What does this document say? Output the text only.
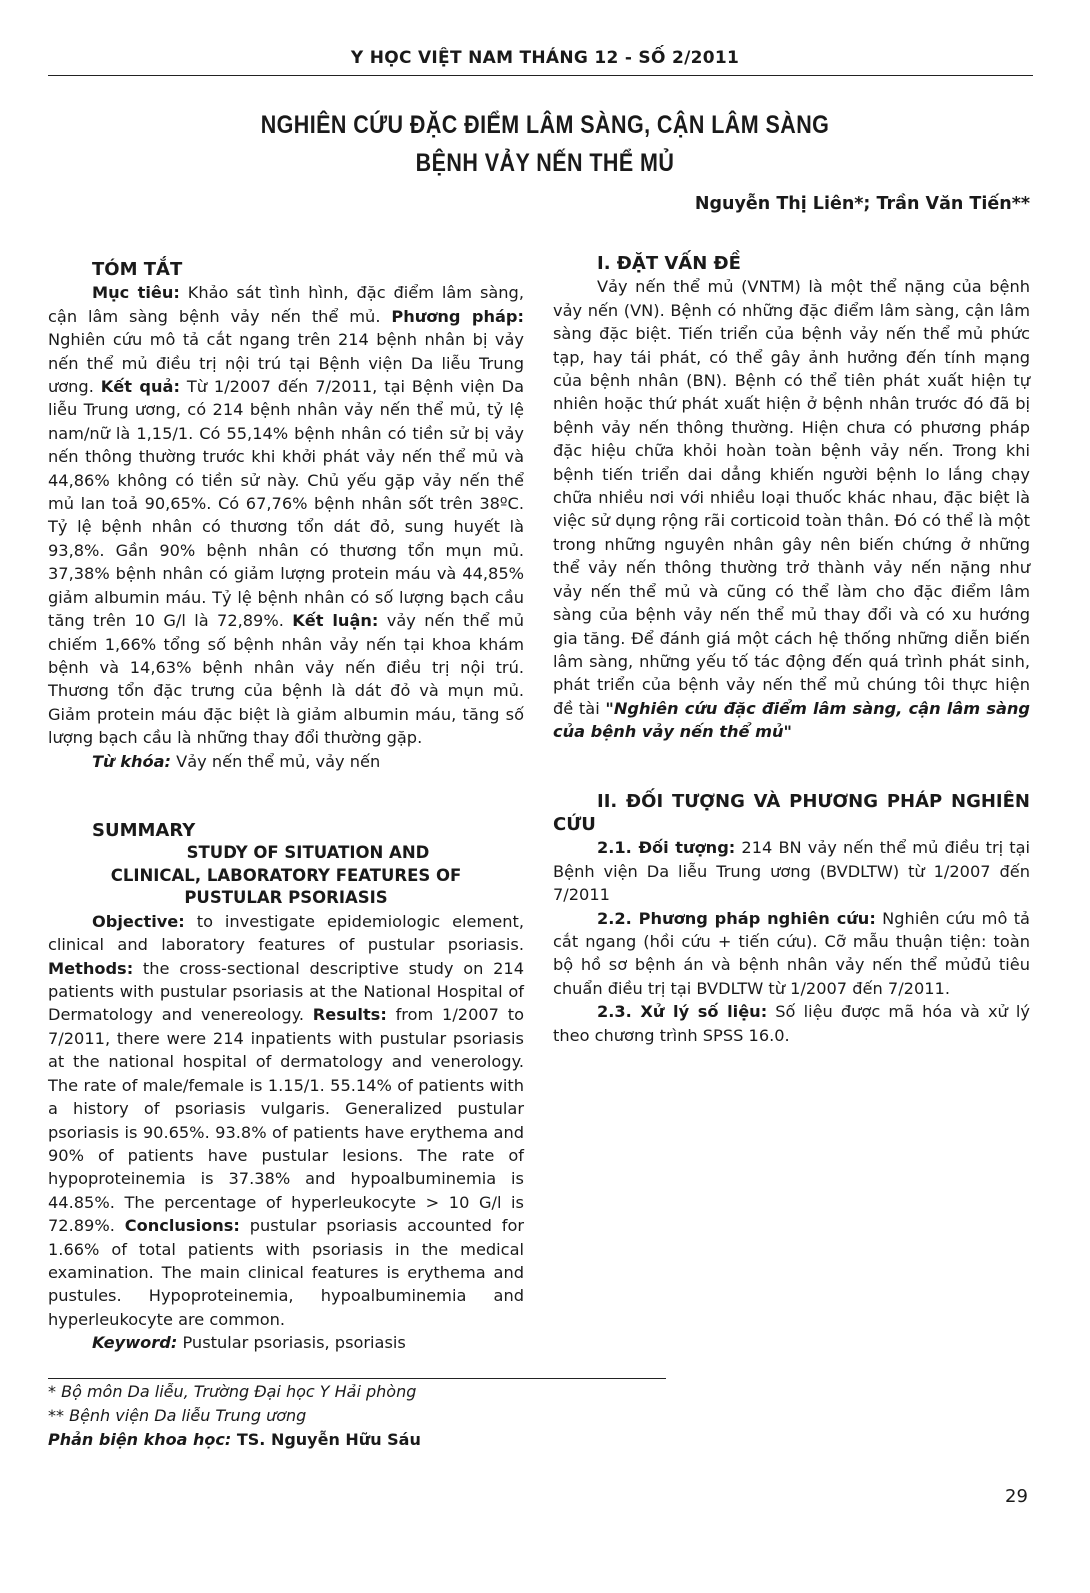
Y HỌC VIỆT NAM THÁNG 12 - SỐ 2/2011
NGHIÊN CỨU ĐẶC ĐIỂM LÂM SÀNG, CẬN LÂM SÀNG
BỆNH VẢY NẾN THỂ MỦ
Nguyễn Thị Liên*; Trần Văn Tiến**

TÓM TẮT

Mục tiêu: Khảo sát tình hình, đặc điểm lâm sàng, cận lâm sàng bệnh vảy nến thể mủ. Phương pháp: Nghiên cứu mô tả cắt ngang trên 214 bệnh nhân bị vảy nến thể mủ điều trị nội trú tại Bệnh viện Da liễu Trung ương. Kết quả: Từ 1/2007 đến 7/2011, tại Bệnh viện Da liễu Trung ương, có 214 bệnh nhân vảy nến thể mủ, tỷ lệ nam/nữ là 1,15/1. Có 55,14% bệnh nhân có tiền sử bị vảy nến thông thường trước khi khởi phát vảy nến thể mủ và 44,86% không có tiền sử này. Chủ yếu gặp vảy nến thể mủ lan toả 90,65%. Có 67,76% bệnh nhân sốt trên 38ºC. Tỷ lệ bệnh nhân có thương tổn dát đỏ, sung huyết là 93,8%. Gần 90% bệnh nhân có thương tổn mụn mủ. 37,38% bệnh nhân có giảm lượng protein máu và 44,85% giảm albumin máu. Tỷ lệ bệnh nhân có số lượng bạch cầu tăng trên 10 G/l là 72,89%. Kết luận: vảy nến thể mủ chiếm 1,66% tổng số bệnh nhân vảy nến tại khoa khám bệnh và 14,63% bệnh nhân vảy nến điều trị nội trú. Thương tổn đặc trưng của bệnh là dát đỏ và mụn mủ. Giảm protein máu đặc biệt là giảm albumin máu, tăng số lượng bạch cầu là những thay đổi thường gặp.

Từ khóa: Vảy nến thể mủ, vảy nến

SUMMARY

STUDY OF SITUATION AND CLINICAL, LABORATORY FEATURES OF PUSTULAR PSORIASIS

Objective: to investigate epidemiologic element, clinical and laboratory features of pustular psoriasis. Methods: the cross-sectional descriptive study on 214 patients with pustular psoriasis at the National Hospital of Dermatology and venereology. Results: from 1/2007 to 7/2011, there were 214 inpatients with pustular psoriasis at the national hospital of dermatology and venerology. The rate of male/female is 1.15/1. 55.14% of patients with a history of psoriasis vulgaris. Generalized pustular psoriasis is 90.65%. 93.8% of patients have erythema and 90% of patients have pustular lesions. The rate of hypoproteinemia is 37.38% and hypoalbuminemia is 44.85%. The percentage of hyperleukocyte > 10 G/l is 72.89%. Conclusions: pustular psoriasis accounted for 1.66% of total patients with psoriasis in the medical examination. The main clinical features is erythema and pustules. Hypoproteinemia, hypoalbuminemia and hyperleukocyte are common.

Keyword: Pustular psoriasis, psoriasis

I. ĐẶT VẤN ĐỀ

Vảy nến thể mủ (VNTM) là một thể nặng của bệnh vảy nến (VN). Bệnh có những đặc điểm lâm sàng, cận lâm sàng đặc biệt. Tiến triển của bệnh vảy nến thể mủ phức tạp, hay tái phát, có thể gây ảnh hưởng đến tính mạng của bệnh nhân (BN). Bệnh có thể tiên phát xuất hiện tự nhiên hoặc thứ phát xuất hiện ở bệnh nhân trước đó đã bị bệnh vảy nến thông thường. Hiện chưa có phương pháp đặc hiệu chữa khỏi hoàn toàn bệnh vảy nến. Trong khi bệnh tiến triển dai dẳng khiến người bệnh lo lắng chạy chữa nhiều nơi với nhiều loại thuốc khác nhau, đặc biệt là việc sử dụng rộng rãi corticoid toàn thân. Đó có thể là một trong những nguyên nhân gây nên biến chứng ở những thể vảy nến thông thường trở thành vảy nến nặng như vảy nến thể mủ và cũng có thể làm cho đặc điểm lâm sàng của bệnh vảy nến thể mủ thay đổi và có xu hướng gia tăng. Để đánh giá một cách hệ thống những diễn biến lâm sàng, những yếu tố tác động đến quá trình phát sinh, phát triển của bệnh vảy nến thể mủ chúng tôi thực hiện đề tài "Nghiên cứu đặc điểm lâm sàng, cận lâm sàng của bệnh vảy nến thể mủ"

II. ĐỐI TƯỢNG VÀ PHƯƠNG PHÁP NGHIÊN CỨU

2.1. Đối tượng: 214 BN vảy nến thể mủ điều trị tại Bệnh viện Da liễu Trung ương (BVDLTW) từ 1/2007 đến 7/2011

2.2. Phương pháp nghiên cứu: Nghiên cứu mô tả cắt ngang (hồi cứu + tiến cứu). Cỡ mẫu thuận tiện: toàn bộ hồ sơ bệnh án và bệnh nhân vảy nến thể mủđủ tiêu chuẩn điều trị tại BVDLTW từ 1/2007 đến 7/2011.

2.3. Xử lý số liệu: Số liệu được mã hóa và xử lý theo chương trình SPSS 16.0.

* Bộ môn Da liễu, Trường Đại học Y Hải phòng
** Bệnh viện Da liễu Trung ương
Phản biện khoa học: TS. Nguyễn Hữu Sáu
29
